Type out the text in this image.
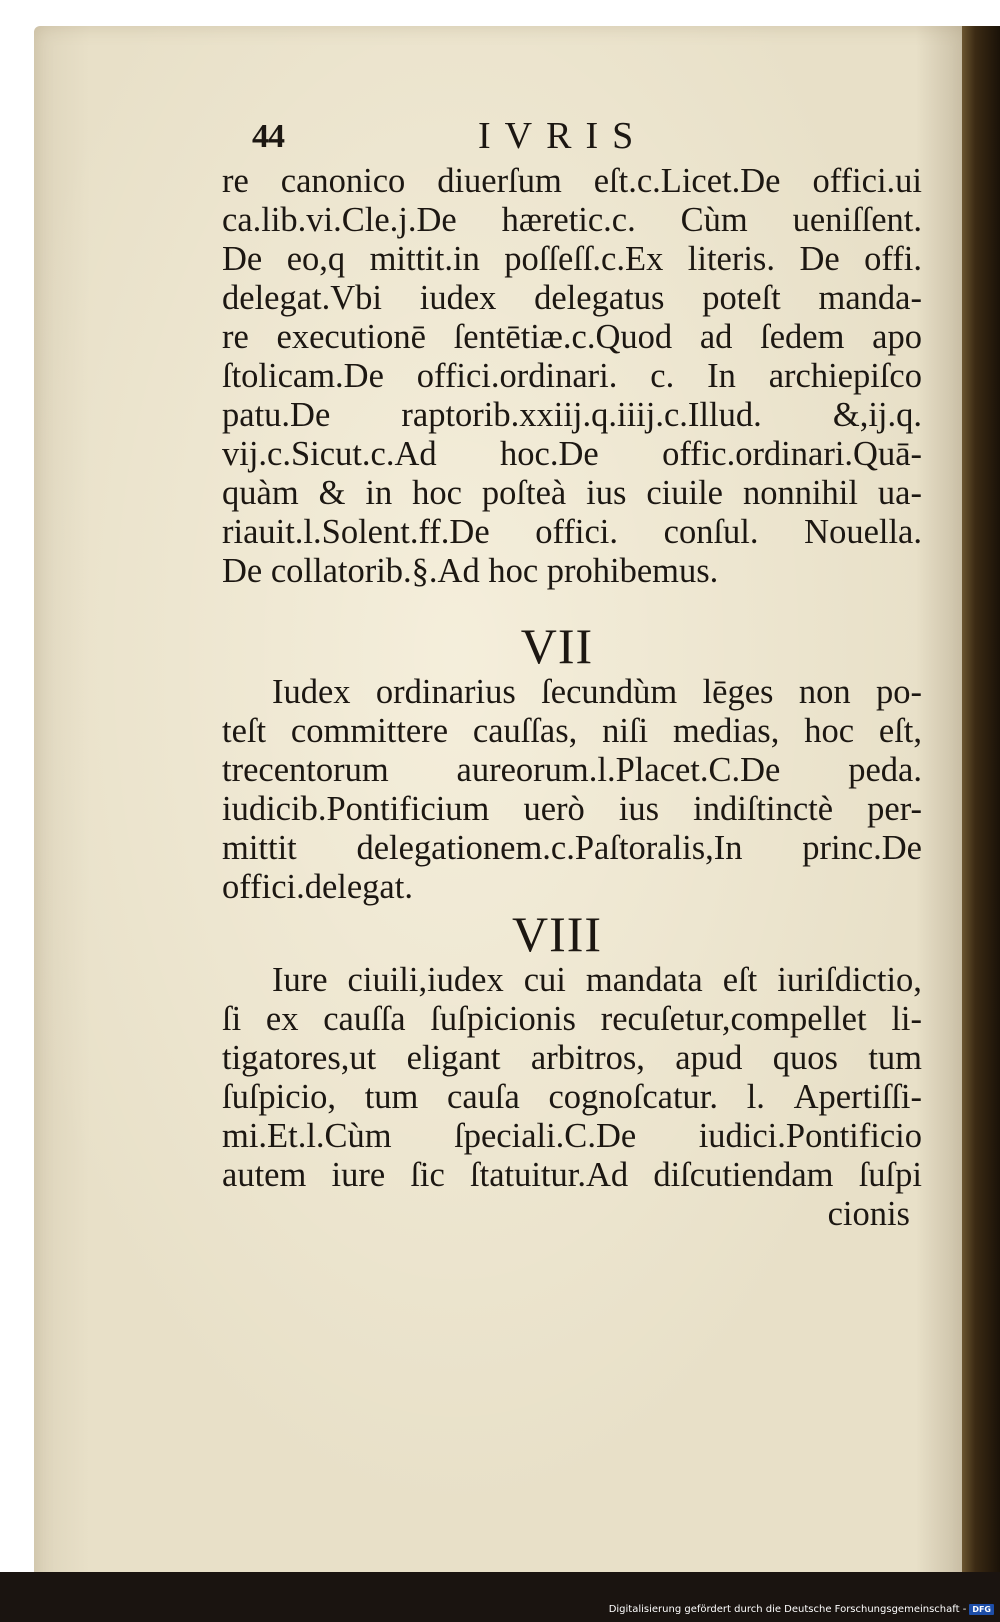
44	IVRIS
re canonico diuerſum eſt.c.Licet.De offici.ui
ca.lib.vi.Cle.j.De hæretic.c. Cùm ueniſſent.
De eo,q mittit.in poſſeſſ.c.Ex literis. De offi.
delegat.Vbi iudex delegatus poteſt manda-
re executionē ſentētiæ.c.Quod ad ſedem apo
ſtolicam.De offici.ordinari. c. In archiepiſco
patu.De raptorib.xxiij.q.iiij.c.Illud. &,ij.q.
vij.c.Sicut.c.Ad hoc.De offic.ordinari.Quā-
quàm & in hoc poſteà ius ciuile nonnihil ua-
riauit.l.Solent.ff.De offici. conſul. Nouella.
De collatorib.§.Ad hoc prohibemus.
VII
Iudex ordinarius ſecundùm lēges non po-
teſt committere cauſſas, niſi medias, hoc eſt,
trecentorum aureorum.l.Placet.C.De peda.
iudicib.Pontificium uerò ius indiſtinctè per-
mittit delegationem.c.Paſtoralis,In princ.De
offici.delegat.
VIII
Iure ciuili,iudex cui mandata eſt iuriſdictio,
ſi ex cauſſa ſuſpicionis recuſetur,compellet li-
tigatores,ut eligant arbitros, apud quos tum
ſuſpicio, tum cauſa cognoſcatur. l. Apertiſſi-
mi.Et.l.Cùm ſpeciali.C.De iudici.Pontificio
autem iure ſic ſtatuitur.Ad diſcutiendam ſuſpi
cionis
Digitalisierung gefördert durch die Deutsche Forschungsgemeinschaft - DFG
